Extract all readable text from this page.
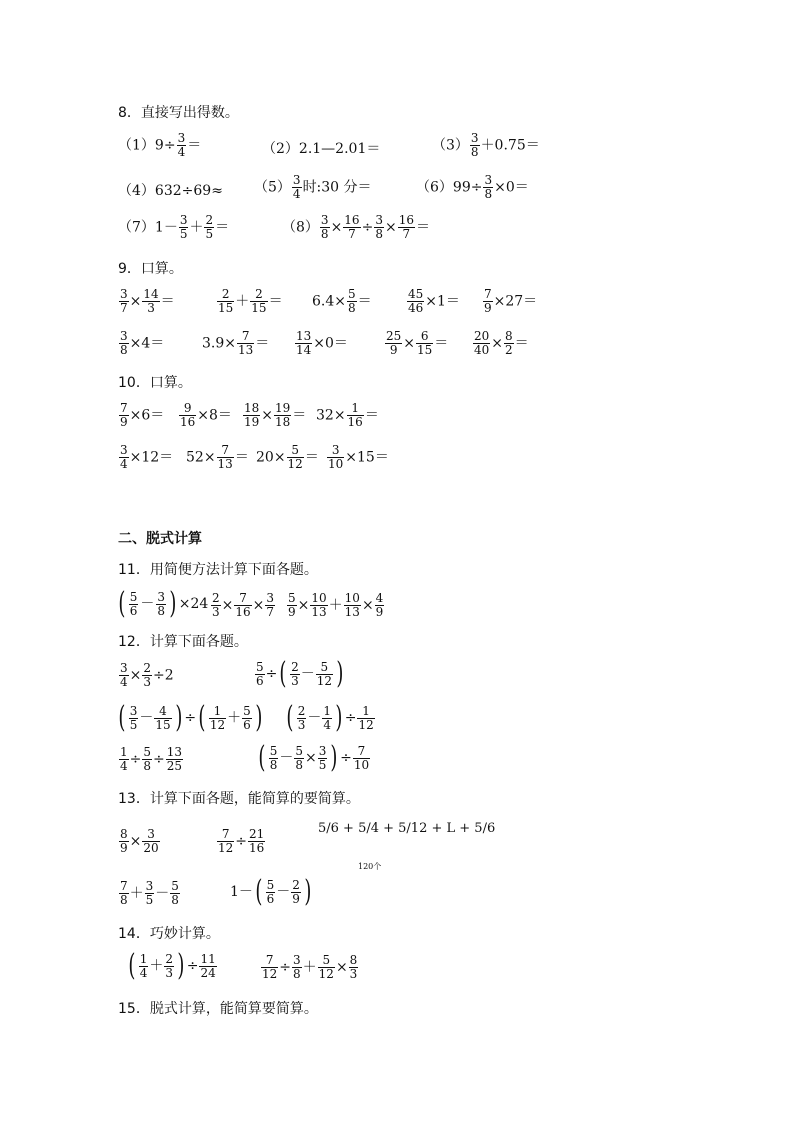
8．直接写出得数。
$(1)9\div \frac{3}{4}$ ＝	（2）2.1—2.01＝	$(3) \frac{3}{8} +0.75=$
$(4)632\div 69\approx (5) \frac{3}{4}$ 时:30 分＝	$(6)99\div \frac{3}{8} \times 0=$
$(7)1- \frac{3}{5} + \frac{2}{5}$ ＝	$(8) \frac{3}{8} \times \frac{16}{7} \div \frac{3}{8} \times \frac{16}{7}$ ＝
9．口算。
$\frac{3}{7} \times \frac{14}{3}$ ＝	$\frac{2}{15} + \frac{2}{15} = 6.4\times \frac{5}{8}$ ＝	$\frac{45}{46} \times 1= \frac{7}{9} \times 27=$
$\frac{3}{8} \times 4=$	$3.9\times \frac{7}{13} = \frac{13}{14} \times 0=$	$\frac{25}{9} \times \frac{6}{15} = \frac{20}{40} \times \frac{8}{2}$ ＝
10．口算。
$\frac{7}{9} \times 6= \frac{9}{16} \times 8= \frac{18}{19} \times \frac{19}{18} = 32\times \frac{1}{16}$ ＝
$\frac{3}{4} \times 12= 52\times \frac{7}{13} = 20\times \frac{5}{12} = \frac{3}{10} \times 15=$
二、脱式计算
11．用简便方法计算下面各题。
( $\frac{5}{6} - \frac{3}{8}$ ) $\times 24 \frac{2}{3} \times \frac{7}{16} \times \frac{3}{7} \frac{5}{9} \times \frac{10}{13} + \frac{10}{13} \times \frac{4}{9}$
12．计算下面各题。
$\frac{3}{4} \times \frac{2}{3} \div 2$	$\frac{5}{6}$ ÷( $\frac{2}{3} - \frac{5}{12}$ )
( $\frac{3}{5} - \frac{4}{15}$ ) ÷( $\frac{1}{12} + \frac{5}{6}$ ) ( $\frac{2}{3} - \frac{1}{4}$ ) ÷ $\frac{1}{12}$
$\frac{1}{4} \div \frac{5}{8} \div \frac{13}{25}$	( $\frac{5}{8} - \frac{5}{8} \times \frac{3}{5}$ ) ÷ $\frac{7}{10}$
13．计算下面各题，能简算的要简算。
$\frac{8}{9} \times \frac{3}{20}$	$\frac{7}{12} \div \frac{21}{16}$	5/6 + 5/4 + 5/12 + L + 5/6
120个
$\frac{7}{8} + \frac{3}{5} - \frac{5}{8}$	$1-( \frac{5}{6} - \frac{2}{9}$ )
14．巧妙计算。
( $\frac{1}{4} + \frac{2}{3}$ ) ÷ $\frac{11}{24}$	$\frac{7}{12} \div \frac{3}{8} + \frac{5}{12} \times \frac{8}{3}$
15．脱式计算，能简算要简算。
